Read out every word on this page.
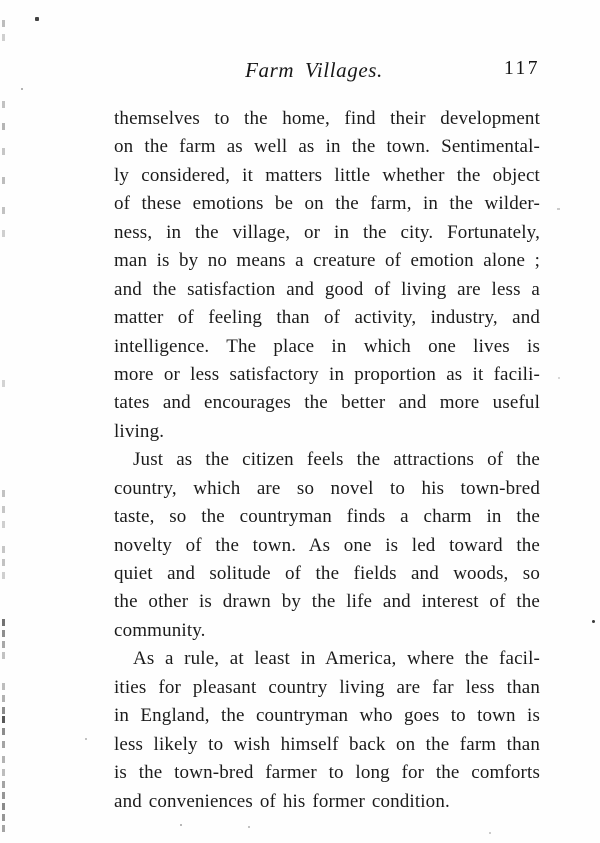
Farm Villages.	117
themselves to the home, find their development
on the farm as well as in the town. Sentimental-
ly considered, it matters little whether the object
of these emotions be on the farm, in the wilder-
ness, in the village, or in the city. Fortunately,
man is by no means a creature of emotion alone ;
and the satisfaction and good of living are less a
matter of feeling than of activity, industry, and
intelligence. The place in which one lives is
more or less satisfactory in proportion as it facili-
tates and encourages the better and more useful
living.
Just as the citizen feels the attractions of the
country, which are so novel to his town-bred
taste, so the countryman finds a charm in the
novelty of the town. As one is led toward the
quiet and solitude of the fields and woods, so
the other is drawn by the life and interest of the
community.
As a rule, at least in America, where the facil-
ities for pleasant country living are far less than
in England, the countryman who goes to town is
less likely to wish himself back on the farm than
is the town-bred farmer to long for the comforts
and conveniences of his former condition.
